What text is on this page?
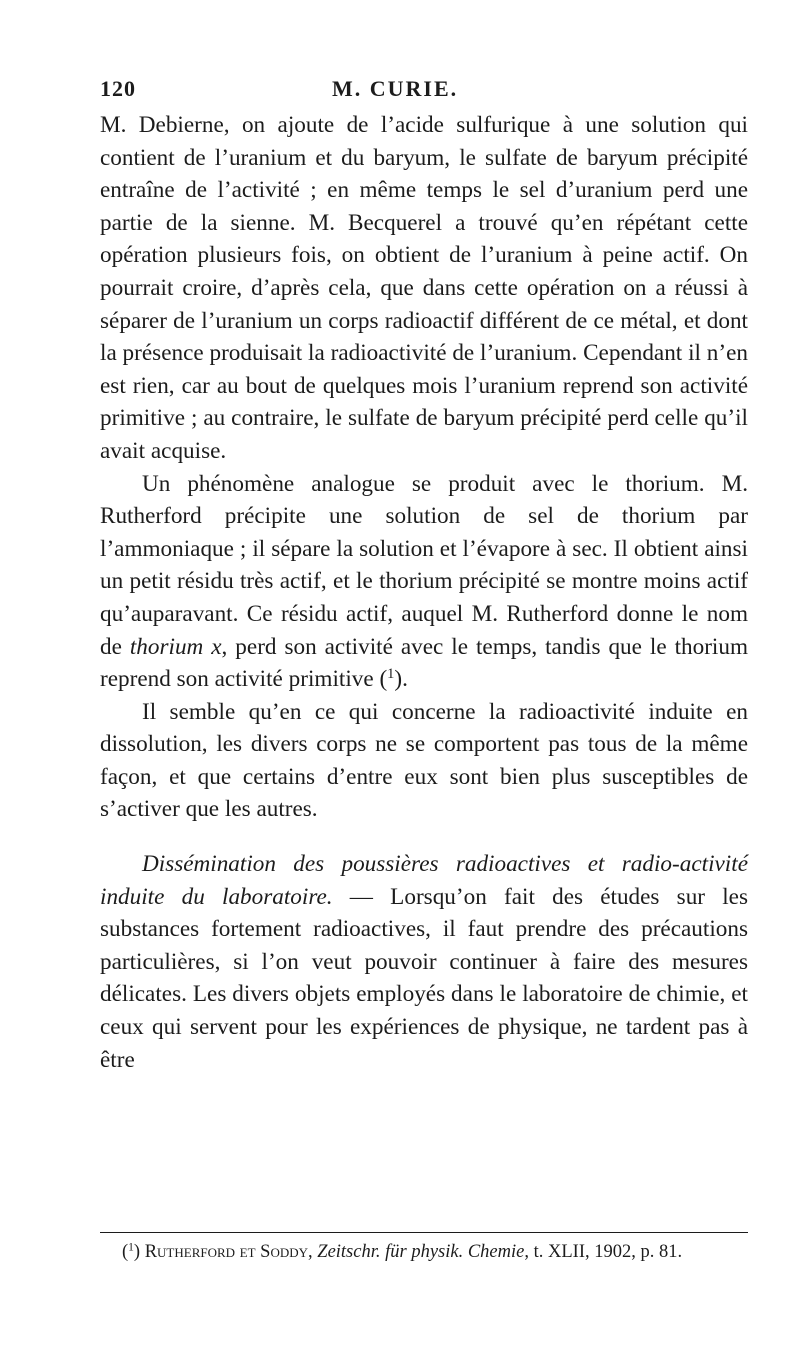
120	M. CURIE.

M. Debierne, on ajoute de l’acide sulfurique à une solution qui contient de l’uranium et du baryum, le sulfate de baryum précipité entraîne de l’activité ; en même temps le sel d’uranium perd une partie de la sienne. M. Becquerel a trouvé qu’en répétant cette opération plusieurs fois, on obtient de l’uranium à peine actif. On pourrait croire, d’après cela, que dans cette opération on a réussi à séparer de l’uranium un corps radioactif différent de ce métal, et dont la présence produisait la radioactivité de l’uranium. Cependant il n’en est rien, car au bout de quelques mois l’uranium reprend son activité primitive ; au contraire, le sulfate de baryum précipité perd celle qu’il avait acquise.

Un phénomène analogue se produit avec le thorium. M. Rutherford précipite une solution de sel de thorium par l’ammoniaque ; il sépare la solution et l’évapore à sec. Il obtient ainsi un petit résidu très actif, et le thorium précipité se montre moins actif qu’auparavant. Ce résidu actif, auquel M. Rutherford donne le nom de thorium x, perd son activité avec le temps, tandis que le thorium reprend son activité primitive ($^1$).

Il semble qu’en ce qui concerne la radioactivité induite en dissolution, les divers corps ne se comportent pas tous de la même façon, et que certains d’entre eux sont bien plus susceptibles de s’activer que les autres.

Dissémination des poussières radioactives et radio-activité induite du laboratoire. — Lorsqu’on fait des études sur les substances fortement radioactives, il faut prendre des précautions particulières, si l’on veut pouvoir continuer à faire des mesures délicates. Les divers objets employés dans le laboratoire de chimie, et ceux qui servent pour les expériences de physique, ne tardent pas à être

($^1$) Rutherford et Soddy, Zeitschr. für physik. Chemie, t. XLII, 1902, p. 81.
